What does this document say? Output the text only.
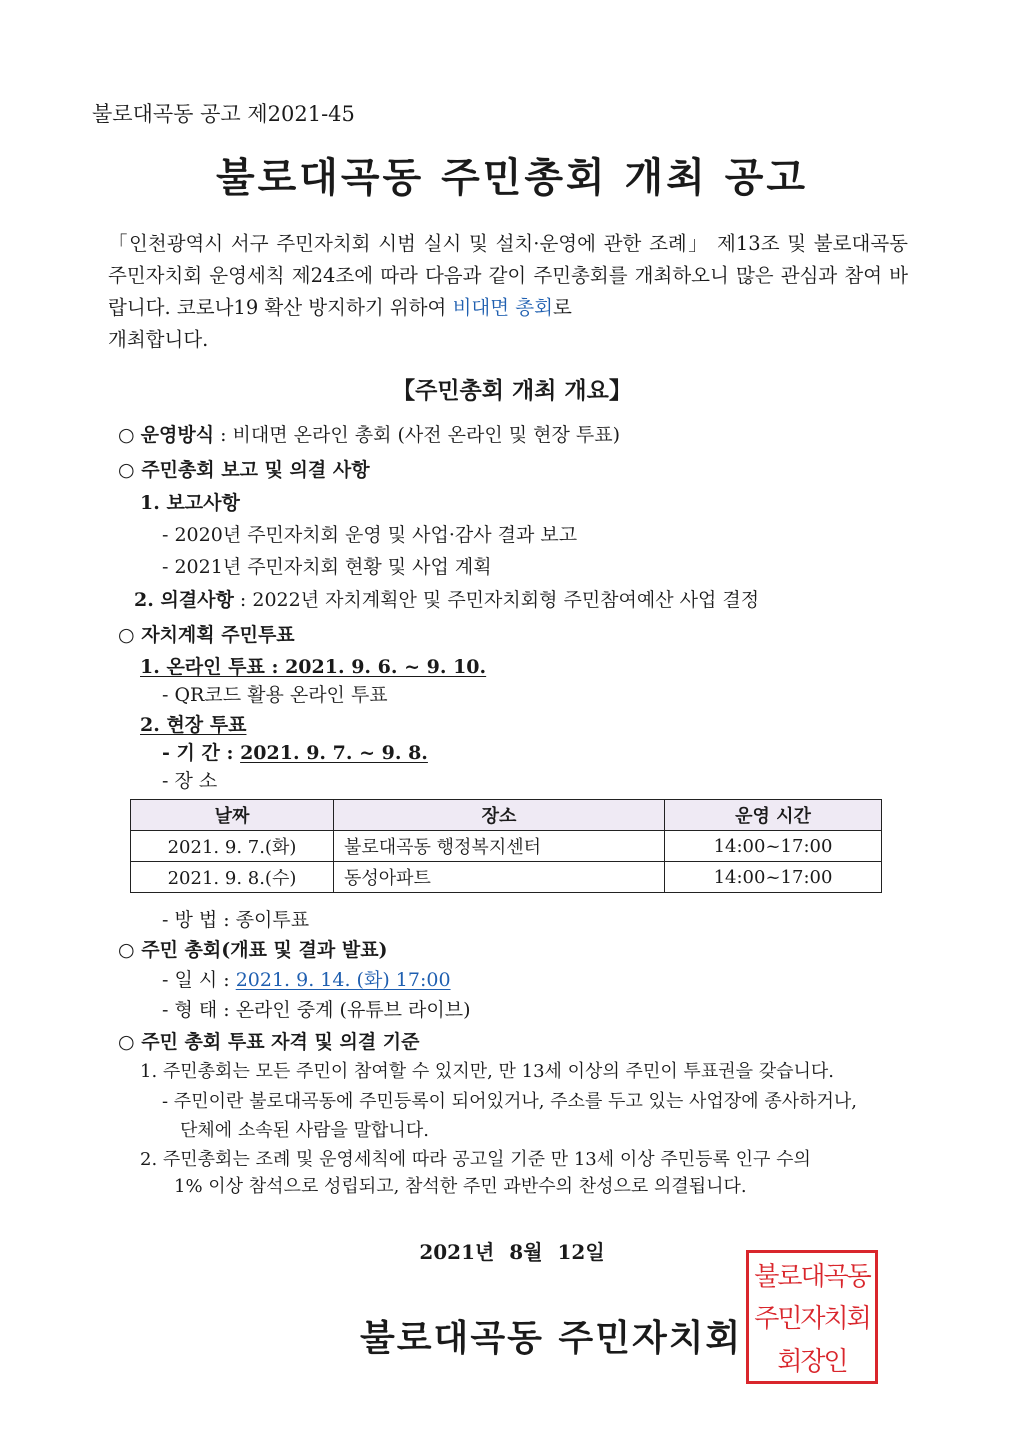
불로대곡동 공고 제2021-45
불로대곡동 주민총회 개최 공고
「인천광역시 서구 주민자치회 시범 실시 및 설치·운영에 관한 조례」 제13조 및 불로대곡동 주민자치회 운영세칙 제24조에 따라 다음과 같이 주민총회를 개최하오니 많은 관심과 참여 바랍니다. 코로나19 확산 방지하기 위하여 비대면 총회로
개최합니다.
【주민총회 개최 개요】
○ 운영방식 : 비대면 온라인 총회 (사전 온라인 및 현장 투표)
○ 주민총회 보고 및 의결 사항
1. 보고사항
- 2020년 주민자치회 운영 및 사업·감사 결과 보고
- 2021년 주민자치회 현황 및 사업 계획
2. 의결사항 : 2022년 자치계획안 및 주민자치회형 주민참여예산 사업 결정
○ 자치계획 주민투표
1. 온라인 투표 : 2021. 9. 6. ~ 9. 10.
- QR코드 활용 온라인 투표
2. 현장 투표
- 기 간 : 2021. 9. 7. ~ 9. 8.
- 장 소
날짜	장소	운영 시간
2021. 9. 7.(화)	불로대곡동 행정복지센터	14:00~17:00
2021. 9. 8.(수)	동성아파트	14:00~17:00
- 방 법 : 종이투표
○ 주민 총회(개표 및 결과 발표)
- 일 시 : 2021. 9. 14. (화) 17:00
- 형 태 : 온라인 중계 (유튜브 라이브)
○ 주민 총회 투표 자격 및 의결 기준
1. 주민총회는 모든 주민이 참여할 수 있지만, 만 13세 이상의 주민이 투표권을 갖습니다.
- 주민이란 불로대곡동에 주민등록이 되어있거나, 주소를 두고 있는 사업장에 종사하거나,
단체에 소속된 사람을 말합니다.
2. 주민총회는 조례 및 운영세칙에 따라 공고일 기준 만 13세 이상 주민등록 인구 수의
1% 이상 참석으로 성립되고, 참석한 주민 과반수의 찬성으로 의결됩니다.
2021년 8월 12일
불로대곡동 주민자치회
불로대곡동
주민자치회
회장인
